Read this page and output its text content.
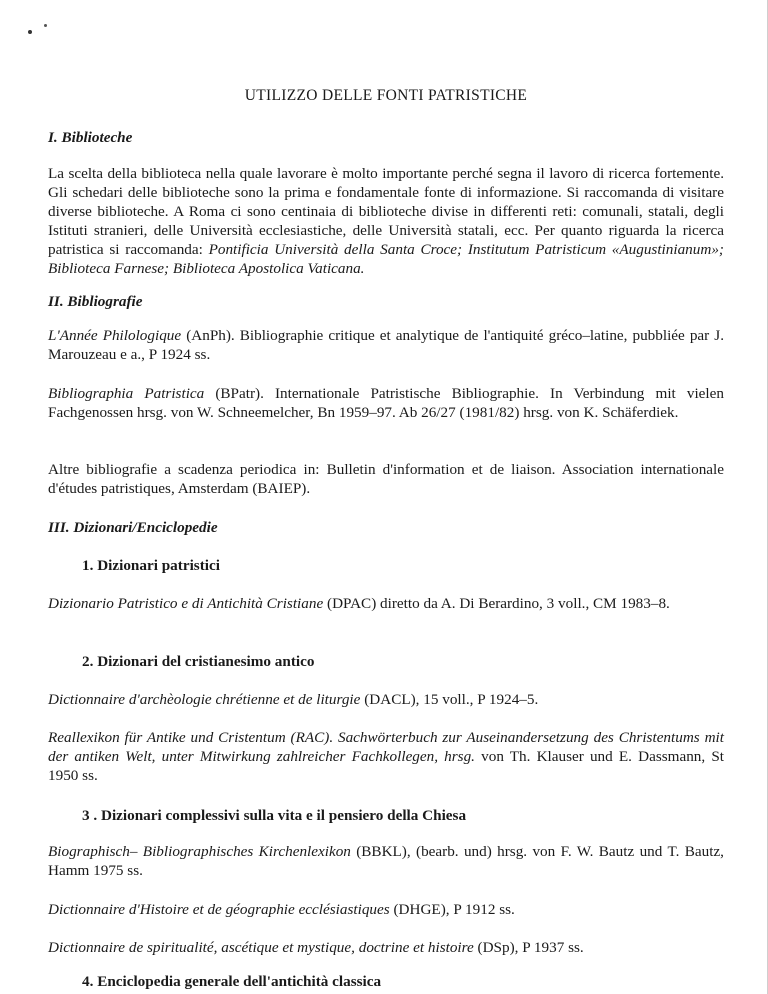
UTILIZZO DELLE FONTI PATRISTICHE
I. Biblioteche
La scelta della biblioteca nella quale lavorare è molto importante perché segna il lavoro di ricerca fortemente. Gli schedari delle biblioteche sono la prima e fondamentale fonte di informazione. Si raccomanda di visitare diverse biblioteche. A Roma ci sono centinaia di biblioteche divise in differenti reti: comunali, statali, degli Istituti stranieri, delle Università ecclesiastiche, delle Università statali, ecc. Per quanto riguarda la ricerca patristica si raccomanda: Pontificia Università della Santa Croce; Institutum Patristicum «Augustinianum»; Biblioteca Farnese; Biblioteca Apostolica Vaticana.
II. Bibliografie
L'Année Philologique (AnPh). Bibliographie critique et analytique de l'antiquité gréco–latine, pubbliée par J. Marouzeau e a., P 1924 ss.
Bibliographia Patristica (BPatr). Internationale Patristische Bibliographie. In Verbindung mit vielen Fachgenossen hrsg. von W. Schneemelcher, Bn 1959–97. Ab 26/27 (1981/82) hrsg. von K. Schäferdiek.
Altre bibliografie a scadenza periodica in: Bulletin d'information et de liaison. Association internationale d'études patristiques, Amsterdam (BAIEP).
III. Dizionari/Enciclopedie
1. Dizionari patristici
Dizionario Patristico e di Antichità Cristiane (DPAC) diretto da A. Di Berardino, 3 voll., CM 1983–8.
2. Dizionari del cristianesimo antico
Dictionnaire d'archèologie chrétienne et de liturgie (DACL), 15 voll., P 1924–5.
Reallexikon für Antike und Cristentum (RAC). Sachwörterbuch zur Auseinandersetzung des Christentums mit der antiken Welt, unter Mitwirkung zahlreicher Fachkollegen, hrsg. von Th. Klauser und E. Dassmann, St 1950 ss.
3 . Dizionari complessivi sulla vita e il pensiero della Chiesa
Biographisch– Bibliographisches Kirchenlexikon (BBKL), (bearb. und) hrsg. von F. W. Bautz und T. Bautz, Hamm 1975 ss.
Dictionnaire d'Histoire et de géographie ecclésiastiques (DHGE), P 1912 ss.
Dictionnaire de spiritualité, ascétique et mystique, doctrine et histoire (DSp), P 1937 ss.
4. Enciclopedia generale dell'antichità classica
